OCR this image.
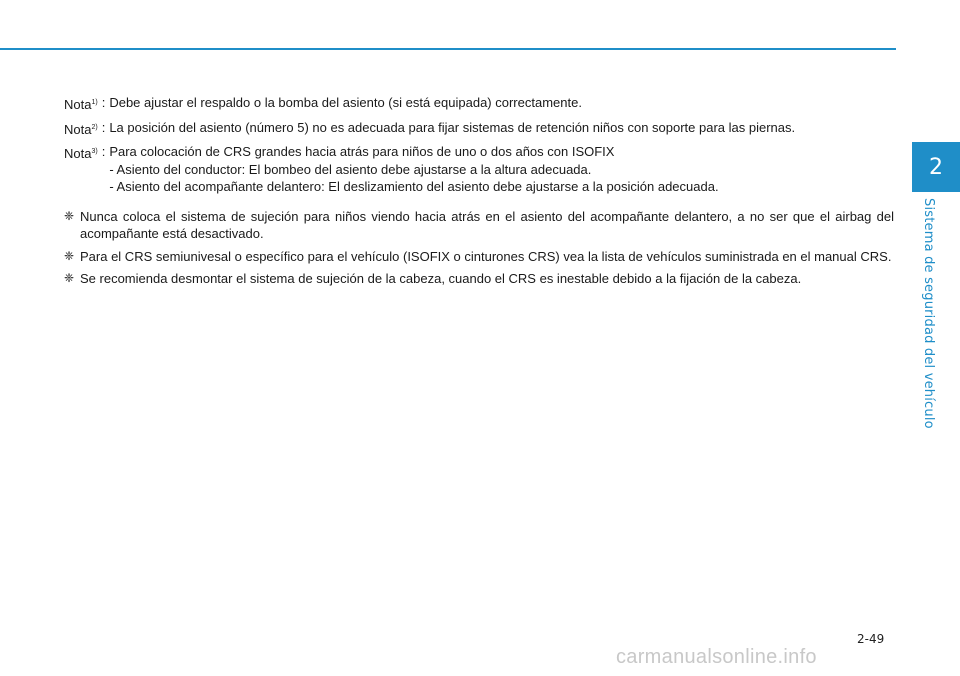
2
Sistema de seguridad del vehículo
Nota$^{1)}$ : Debe ajustar el respaldo o la bomba del asiento (si está equipada) correctamente.
Nota$^{2)}$ : La posición del asiento (número 5) no es adecuada para fijar sistemas de retención niños con soporte para las piernas.
Nota$^{3)}$ : Para colocación de CRS grandes hacia atrás para niños de uno o dos años con ISOFIX
- Asiento del conductor: El bombeo del asiento debe ajustarse a la altura adecuada.
- Asiento del acompañante delantero: El deslizamiento del asiento debe ajustarse a la posición adecuada.
❈ Nunca coloca el sistema de sujeción para niños viendo hacia atrás en el asiento del acompañante delantero, a no ser que el airbag del acompañante está desactivado.
❈ Para el CRS semiunivesal o específico para el vehículo (ISOFIX o cinturones CRS) vea la lista de vehículos suministrada en el manual CRS.
❈ Se recomienda desmontar el sistema de sujeción de la cabeza, cuando el CRS es inestable debido a la fijación de la cabeza.
2-49
carmanualsonline.info
